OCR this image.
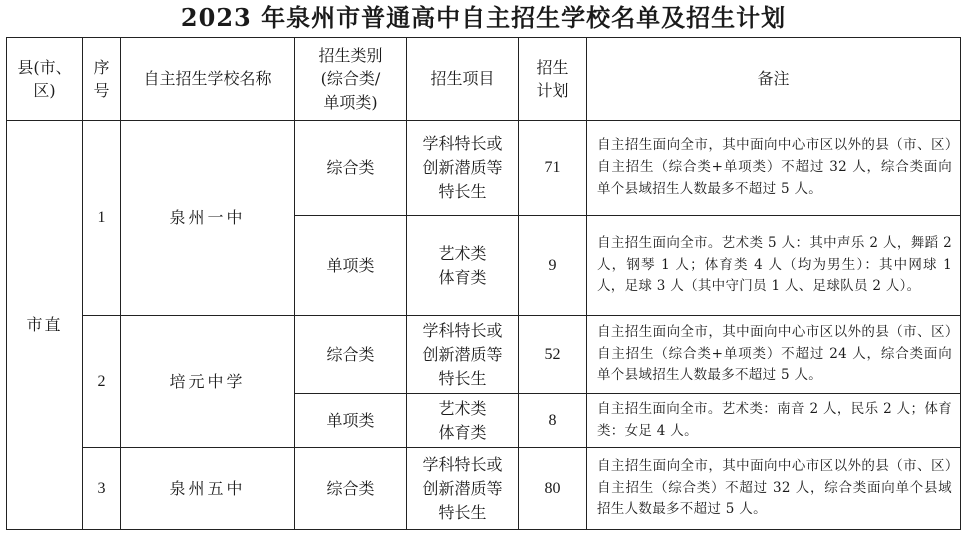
2023 年泉州市普通高中自主招生学校名单及招生计划
县(市、
区)	序
号	自主招生学校名称	招生类别
(综合类/
单项类)	招生项目	招生
计划	备注
市直	1	泉州一中	综合类	学科特长或
创新潜质等
特长生	71	自主招生面向全市，其中面向中心市区以外的县（市、区）自主招生（综合类+单项类）不超过 32 人，综合类面向单个县域招生人数最多不超过 5 人。
			单项类	艺术类
体育类	9	自主招生面向全市。艺术类 5 人：其中声乐 2 人，舞蹈 2 人，钢琴 1 人；体育类 4 人（均为男生）：其中网球 1 人，足球 3 人（其中守门员 1 人、足球队员 2 人）。
	2	培元中学	综合类	学科特长或
创新潜质等
特长生	52	自主招生面向全市，其中面向中心市区以外的县（市、区）自主招生（综合类+单项类）不超过 24 人，综合类面向单个县域招生人数最多不超过 5 人。
			单项类	艺术类
体育类	8	自主招生面向全市。艺术类：南音 2 人，民乐 2 人；体育类：女足 4 人。
	3	泉州五中	综合类	学科特长或
创新潜质等
特长生	80	自主招生面向全市，其中面向中心市区以外的县（市、区）自主招生（综合类）不超过 32 人，综合类面向单个县域招生人数最多不超过 5 人。
